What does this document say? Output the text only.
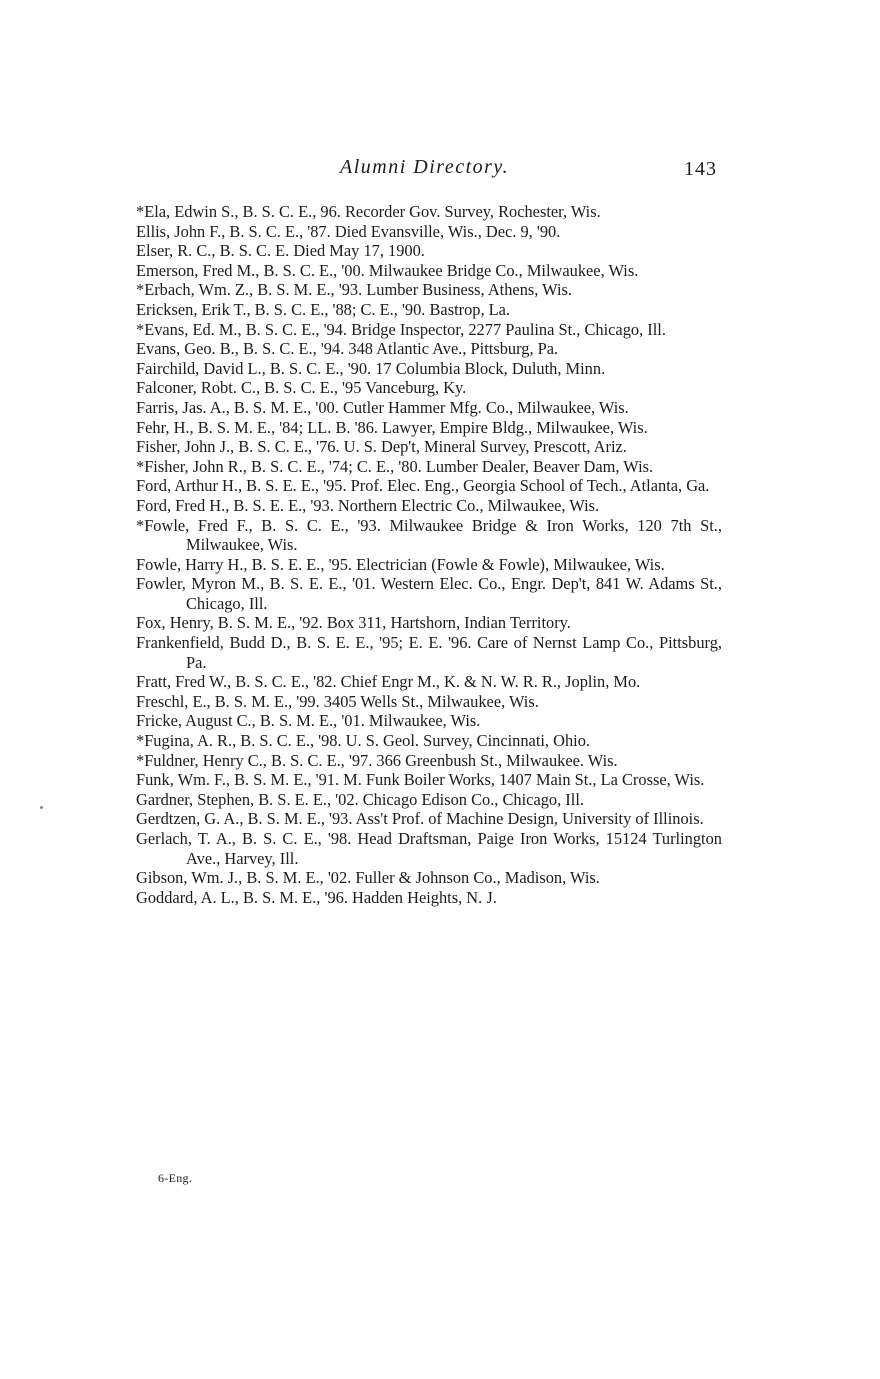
Alumni Directory.	143

*Ela, Edwin S., B. S. C. E., 96. Recorder Gov. Survey, Rochester, Wis.

Ellis, John F., B. S. C. E., '87. Died Evansville, Wis., Dec. 9, '90.

Elser, R. C., B. S. C. E. Died May 17, 1900.

Emerson, Fred M., B. S. C. E., '00. Milwaukee Bridge Co., Milwaukee, Wis.

*Erbach, Wm. Z., B. S. M. E., '93. Lumber Business, Athens, Wis.

Ericksen, Erik T., B. S. C. E., '88; C. E., '90. Bastrop, La.

*Evans, Ed. M., B. S. C. E., '94. Bridge Inspector, 2277 Paulina St., Chicago, Ill.

Evans, Geo. B., B. S. C. E., '94. 348 Atlantic Ave., Pittsburg, Pa.

Fairchild, David L., B. S. C. E., '90. 17 Columbia Block, Duluth, Minn.

Falconer, Robt. C., B. S. C. E., '95 Vanceburg, Ky.

Farris, Jas. A., B. S. M. E., '00. Cutler Hammer Mfg. Co., Milwaukee, Wis.

Fehr, H., B. S. M. E., '84; LL. B. '86. Lawyer, Empire Bldg., Milwaukee, Wis.

Fisher, John J., B. S. C. E., '76. U. S. Dep't, Mineral Survey, Prescott, Ariz.

*Fisher, John R., B. S. C. E., '74; C. E., '80. Lumber Dealer, Beaver Dam, Wis.

Ford, Arthur H., B. S. E. E., '95. Prof. Elec. Eng., Georgia School of Tech., Atlanta, Ga.

Ford, Fred H., B. S. E. E., '93. Northern Electric Co., Milwaukee, Wis.

*Fowle, Fred F., B. S. C. E., '93. Milwaukee Bridge & Iron Works, 120 7th St., Milwaukee, Wis.

Fowle, Harry H., B. S. E. E., '95. Electrician (Fowle & Fowle), Milwaukee, Wis.

Fowler, Myron M., B. S. E. E., '01. Western Elec. Co., Engr. Dep't, 841 W. Adams St., Chicago, Ill.

Fox, Henry, B. S. M. E., '92. Box 311, Hartshorn, Indian Territory.

Frankenfield, Budd D., B. S. E. E., '95; E. E. '96. Care of Nernst Lamp Co., Pittsburg, Pa.

Fratt, Fred W., B. S. C. E., '82. Chief Engr M., K. & N. W. R. R., Joplin, Mo.

Freschl, E., B. S. M. E., '99. 3405 Wells St., Milwaukee, Wis.

Fricke, August C., B. S. M. E., '01. Milwaukee, Wis.

*Fugina, A. R., B. S. C. E., '98. U. S. Geol. Survey, Cincinnati, Ohio.

*Fuldner, Henry C., B. S. C. E., '97. 366 Greenbush St., Milwaukee. Wis.

Funk, Wm. F., B. S. M. E., '91. M. Funk Boiler Works, 1407 Main St., La Crosse, Wis.

Gardner, Stephen, B. S. E. E., '02. Chicago Edison Co., Chicago, Ill.

Gerdtzen, G. A., B. S. M. E., '93. Ass't Prof. of Machine Design, University of Illinois.

Gerlach, T. A., B. S. C. E., '98. Head Draftsman, Paige Iron Works, 15124 Turlington Ave., Harvey, Ill.

Gibson, Wm. J., B. S. M. E., '02. Fuller & Johnson Co., Madison, Wis.

Goddard, A. L., B. S. M. E., '96. Hadden Heights, N. J.

6-Eng.
